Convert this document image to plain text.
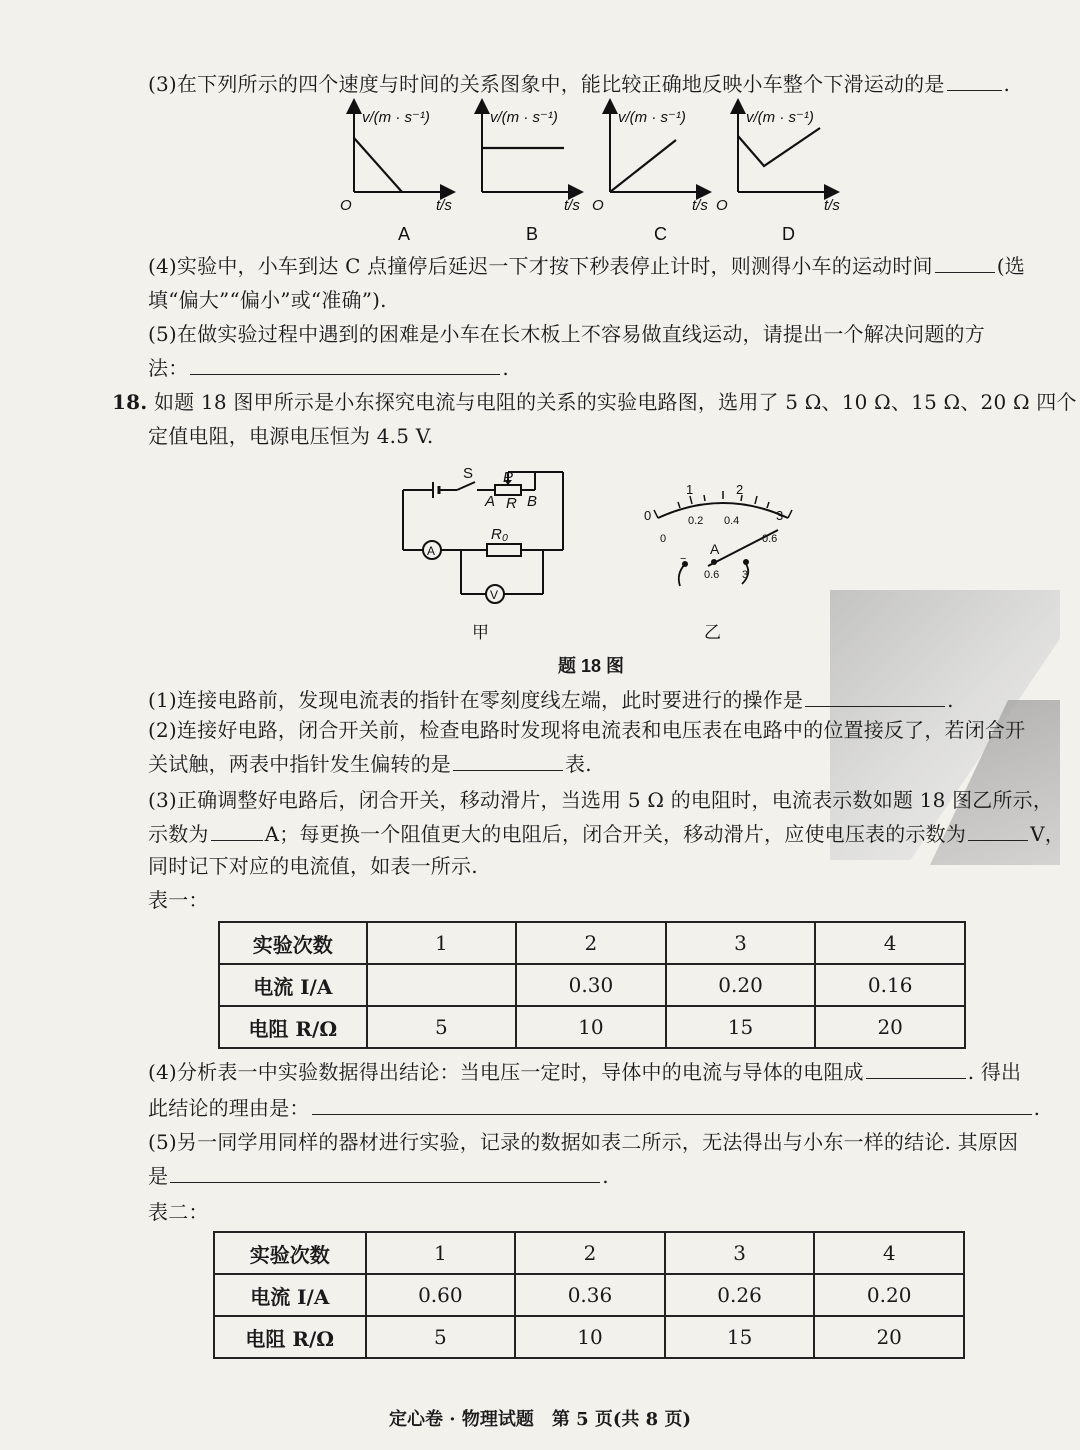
(3)在下列所示的四个速度与时间的关系图象中，能比较正确地反映小车整个下滑运动的是	.
v/(m · s⁻¹)
O	t/s
A
v/(m · s⁻¹)
t/s
B
O
v/(m · s⁻¹)
t/s
C
O
v/(m · s⁻¹)
t/s
D
(4)实验中，小车到达 C 点撞停后延迟一下才按下秒表停止计时，则测得小车的运动时间	(选
填“偏大”“偏小”或“准确”).
(5)在做实验过程中遇到的困难是小车在长木板上不容易做直线运动，请提出一个解决问题的方
法：	.
18. 如题 18 图甲所示是小东探究电流与电阻的关系的实验电路图，选用了 5 Ω、10 Ω、15 Ω、20 Ω 四个
定值电阻，电源电压恒为 4.5 V.
A
V
S P
A R B
R₀
甲
0
1	2
3
0
0.2 0.4
0.6
A
−
0.6 3
乙
题 18 图
(1)连接电路前，发现电流表的指针在零刻度线左端，此时要进行的操作是	.
(2)连接好电路，闭合开关前，检查电路时发现将电流表和电压表在电路中的位置接反了，若闭合开
关试触，两表中指针发生偏转的是	表.
(3)正确调整好电路后，闭合开关，移动滑片，当选用 5 Ω 的电阻时，电流表示数如题 18 图乙所示，
示数为	A；每更换一个阻值更大的电阻后，闭合开关，移动滑片，应使电压表的示数为	V，
同时记下对应的电流值，如表一所示.
表一：
实验次数	1	2	3	4
电流 I/A		0.30	0.20	0.16
电阻 R/Ω	5	10	15	20
(4)分析表一中实验数据得出结论：当电压一定时，导体中的电流与导体的电阻成	. 得出
此结论的理由是：	.
(5)另一同学用同样的器材进行实验，记录的数据如表二所示，无法得出与小东一样的结论. 其原因
是	.
表二：
实验次数	1	2	3	4
电流 I/A	0.60	0.36	0.26	0.20
电阻 R/Ω	5	10	15	20
定心卷 · 物理试题　第 5 页(共 8 页)
